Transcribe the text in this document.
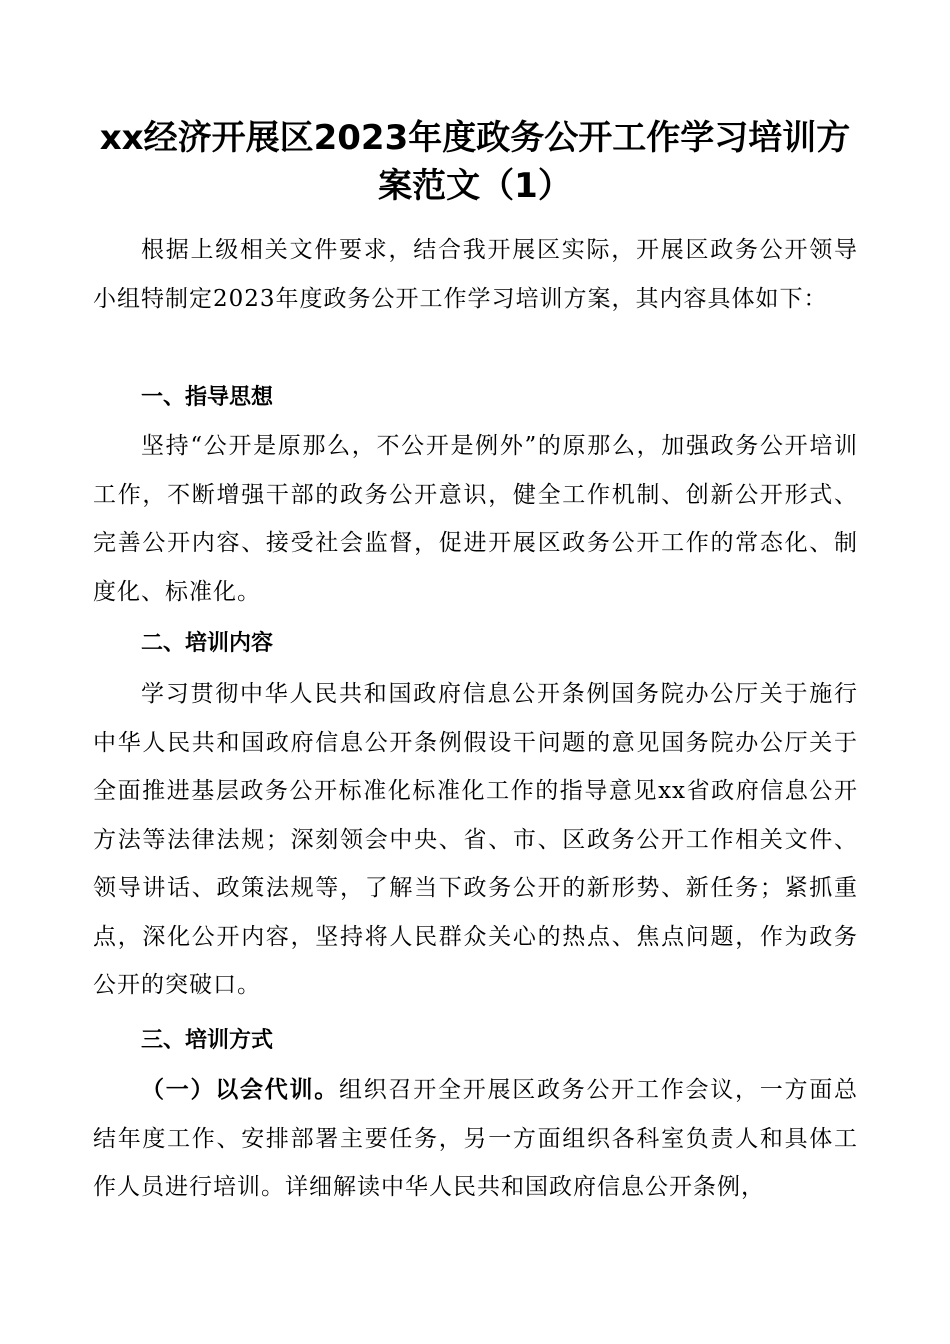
xx经济开展区2023年度政务公开工作学习培训方
案范文（1）

根据上级相关文件要求，结合我开展区实际，开展区政务公开领导小组特制定2023年度政务公开工作学习培训方案，其内容具体如下：

一、指导思想

坚持“公开是原那么，不公开是例外”的原那么，加强政务公开培训工作，不断增强干部的政务公开意识，健全工作机制、创新公开形式、完善公开内容、接受社会监督，促进开展区政务公开工作的常态化、制度化、标准化。

二、培训内容

学习贯彻中华人民共和国政府信息公开条例国务院办公厅关于施行中华人民共和国政府信息公开条例假设干问题的意见国务院办公厅关于全面推进基层政务公开标准化标准化工作的指导意见xx省政府信息公开方法等法律法规；深刻领会中央、省、市、区政务公开工作相关文件、领导讲话、政策法规等，了解当下政务公开的新形势、新任务；紧抓重点，深化公开内容，坚持将人民群众关心的热点、焦点问题，作为政务公开的突破口。

三、培训方式

（一）以会代训。组织召开全开展区政务公开工作会议，一方面总结年度工作、安排部署主要任务，另一方面组织各科室负责人和具体工作人员进行培训。详细解读中华人民共和国政府信息公开条例，
